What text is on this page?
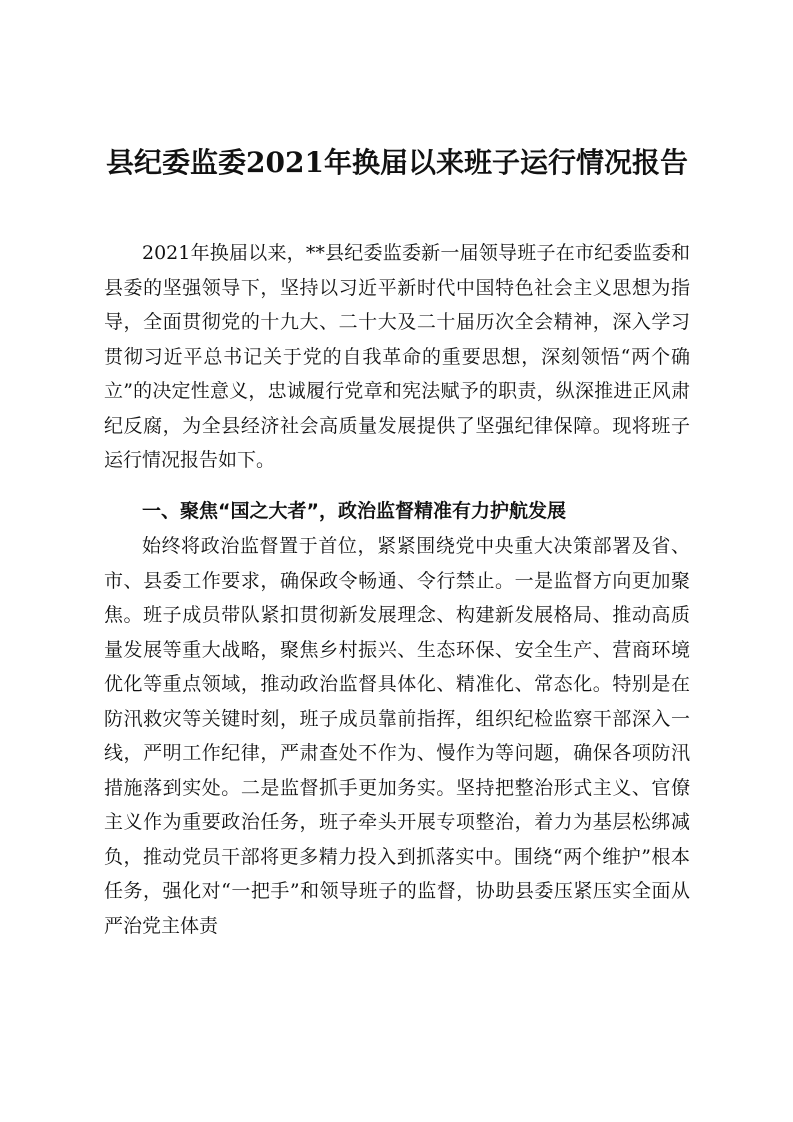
县纪委监委2021年换届以来班子运行情况报告

2021年换届以来，**县纪委监委新一届领导班子在市纪委监委和县委的坚强领导下，坚持以习近平新时代中国特色社会主义思想为指导，全面贯彻党的十九大、二十大及二十届历次全会精神，深入学习贯彻习近平总书记关于党的自我革命的重要思想，深刻领悟“两个确立”的决定性意义，忠诚履行党章和宪法赋予的职责，纵深推进正风肃纪反腐，为全县经济社会高质量发展提供了坚强纪律保障。现将班子运行情况报告如下。

一、聚焦“国之大者”，政治监督精准有力护航发展

始终将政治监督置于首位，紧紧围绕党中央重大决策部署及省、市、县委工作要求，确保政令畅通、令行禁止。一是监督方向更加聚焦。班子成员带队紧扣贯彻新发展理念、构建新发展格局、推动高质量发展等重大战略，聚焦乡村振兴、生态环保、安全生产、营商环境优化等重点领域，推动政治监督具体化、精准化、常态化。特别是在防汛救灾等关键时刻，班子成员靠前指挥，组织纪检监察干部深入一线，严明工作纪律，严肃查处不作为、慢作为等问题，确保各项防汛措施落到实处。二是监督抓手更加务实。坚持把整治形式主义、官僚主义作为重要政治任务，班子牵头开展专项整治，着力为基层松绑减负，推动党员干部将更多精力投入到抓落实中。围绕“两个维护”根本任务，强化对“一把手”和领导班子的监督，协助县委压紧压实全面从严治党主体责
